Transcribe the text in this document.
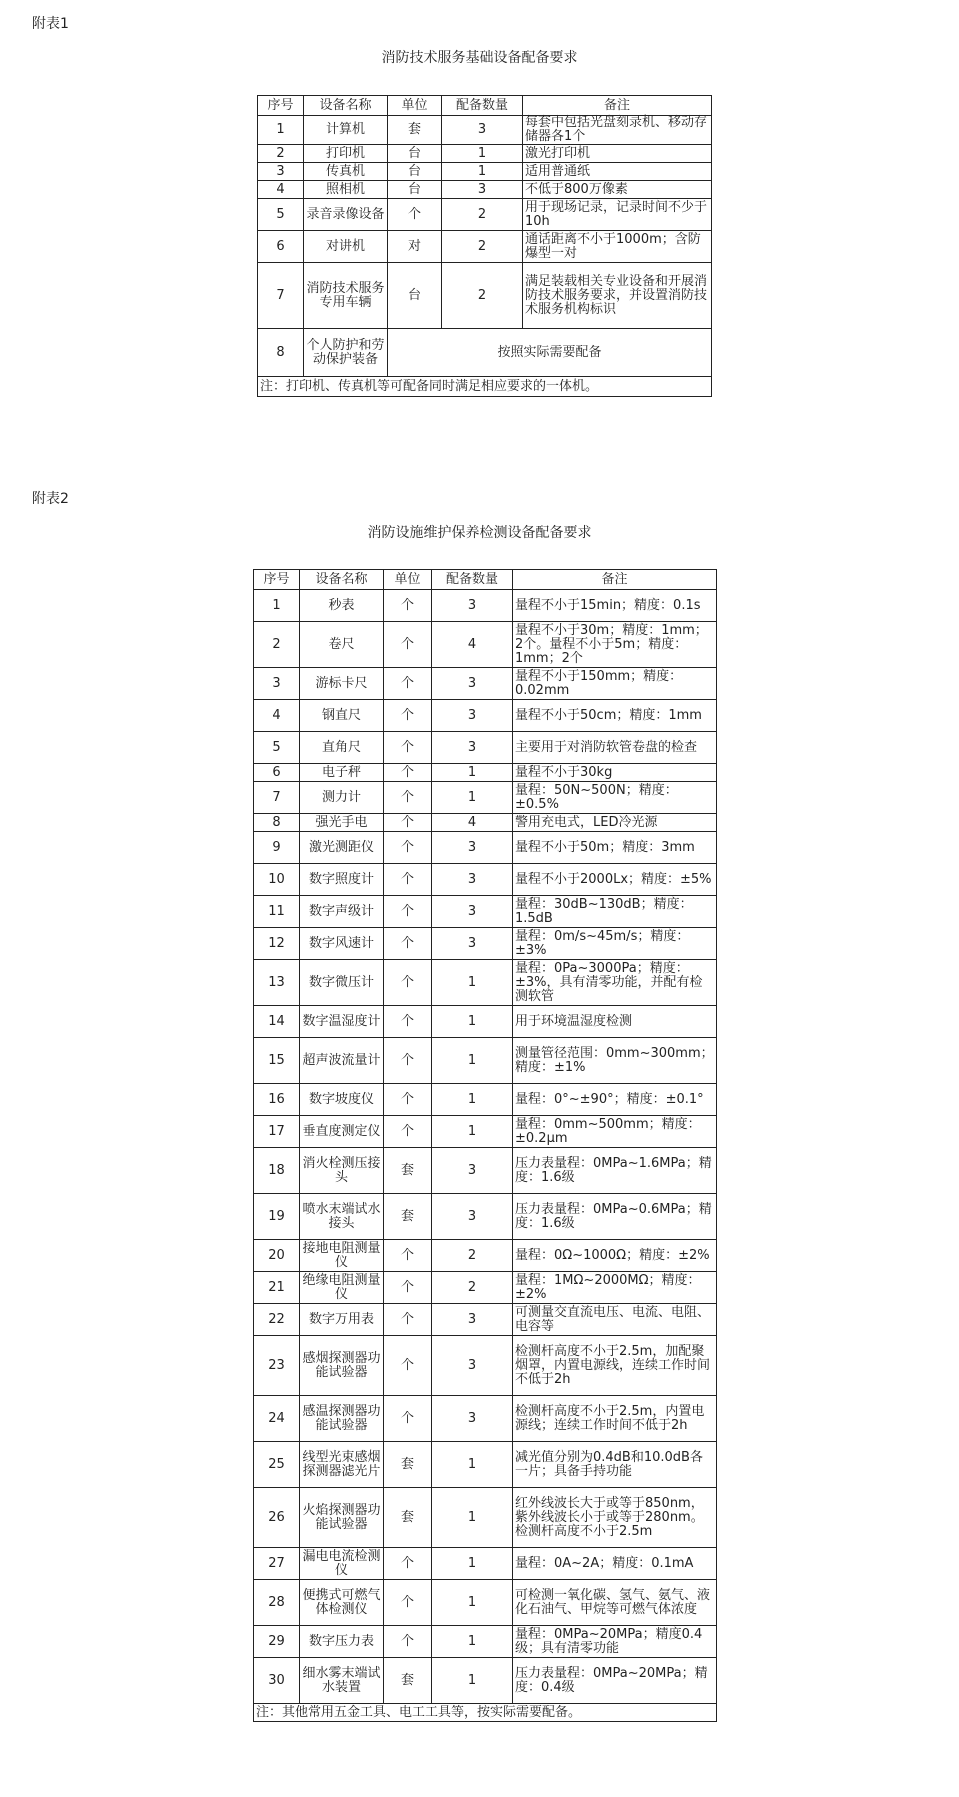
附表1
消防技术服务基础设备配备要求
序号	设备名称	单位	配备数量	备注
1	计算机	套	3	每套中包括光盘刻录机、移动存储器各1个
2	打印机	台	1	激光打印机
3	传真机	台	1	适用普通纸
4	照相机	台	3	不低于800万像素
5	录音录像设备	个	2	用于现场记录，记录时间不少于10h
6	对讲机	对	2	通话距离不小于1000m；含防爆型一对
7	消防技术服务专用车辆	台	2	满足装载相关专业设备和开展消防技术服务要求，并设置消防技术服务机构标识
8	个人防护和劳动保护装备	按照实际需要配备		
注：打印机、传真机等可配备同时满足相应要求的一体机。				
附表2
消防设施维护保养检测设备配备要求
序号	设备名称	单位	配备数量	备注
1	秒表	个	3	量程不小于15min；精度：0.1s
2	卷尺	个	4	量程不小于30m；精度：1mm；2个。量程不小于5m；精度：1mm；2个
3	游标卡尺	个	3	量程不小于150mm；精度：0.02mm
4	钢直尺	个	3	量程不小于50cm；精度：1mm
5	直角尺	个	3	主要用于对消防软管卷盘的检查
6	电子秤	个	1	量程不小于30kg
7	测力计	个	1	量程：50N~500N；精度：±0.5%
8	强光手电	个	4	警用充电式，LED冷光源
9	激光测距仪	个	3	量程不小于50m；精度：3mm
10	数字照度计	个	3	量程不小于2000Lx；精度：±5%
11	数字声级计	个	3	量程：30dB~130dB；精度：1.5dB
12	数字风速计	个	3	量程：0m/s~45m/s；精度：±3%
13	数字微压计	个	1	量程：0Pa~3000Pa；精度：±3%，具有清零功能，并配有检测软管
14	数字温湿度计	个	1	用于环境温湿度检测
15	超声波流量计	个	1	测量管径范围：0mm~300mm；精度：±1%
16	数字坡度仪	个	1	量程：0°~±90°；精度：±0.1°
17	垂直度测定仪	个	1	量程：0mm~500mm；精度：±0.2μm
18	消火栓测压接头	套	3	压力表量程：0MPa~1.6MPa；精度：1.6级
19	喷水末端试水接头	套	3	压力表量程：0MPa~0.6MPa；精度：1.6级
20	接地电阻测量仪	个	2	量程：0Ω~1000Ω；精度：±2%
21	绝缘电阻测量仪	个	2	量程：1MΩ~2000MΩ；精度：±2%
22	数字万用表	个	3	可测量交直流电压、电流、电阻、电容等
23	感烟探测器功能试验器	个	3	检测杆高度不小于2.5m，加配聚烟罩，内置电源线，连续工作时间不低于2h
24	感温探测器功能试验器	个	3	检测杆高度不小于2.5m，内置电源线；连续工作时间不低于2h
25	线型光束感烟探测器滤光片	套	1	减光值分别为0.4dB和10.0dB各一片；具备手持功能
26	火焰探测器功能试验器	套	1	红外线波长大于或等于850nm，紫外线波长小于或等于280nm。检测杆高度不小于2.5m
27	漏电电流检测仪	个	1	量程：0A~2A；精度：0.1mA
28	便携式可燃气体检测仪	个	1	可检测一氧化碳、氢气、氨气、液化石油气、甲烷等可燃气体浓度
29	数字压力表	个	1	量程：0MPa~20MPa；精度0.4级；具有清零功能
30	细水雾末端试水装置	套	1	压力表量程：0MPa~20MPa；精度：0.4级
注：其他常用五金工具、电工工具等，按实际需要配备。				
